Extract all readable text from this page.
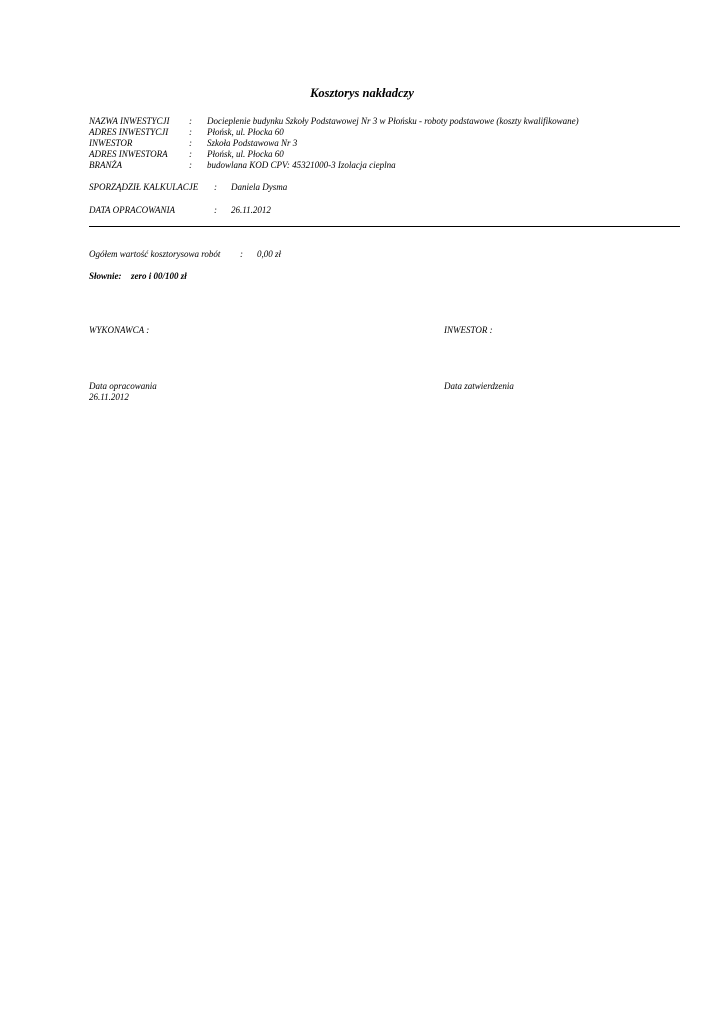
Kosztorys nakładczy
NAZWA INWESTYCJI : Docieplenie budynku Szkoły Podstawowej Nr 3 w Płońsku - roboty podstawowe (koszty kwalifikowane)
ADRES INWESTYCJI : Płońsk, ul. Płocka 60
INWESTOR	: Szkoła Podstawowa Nr 3
ADRES INWESTORA : Płońsk, ul. Płocka 60
BRANŻA	: budowlana KOD CPV: 45321000-3 Izolacja cieplna
SPORZĄDZIŁ KALKULACJE : Daniela Dysma
DATA OPRACOWANIA	: 26.11.2012
Ogółem wartość kosztorysowa robót : 0,00 zł
Słownie: zero i 00/100 zł
WYKONAWCA :	INWESTOR :
Data opracowania
26.11.2012
Data zatwierdzenia
